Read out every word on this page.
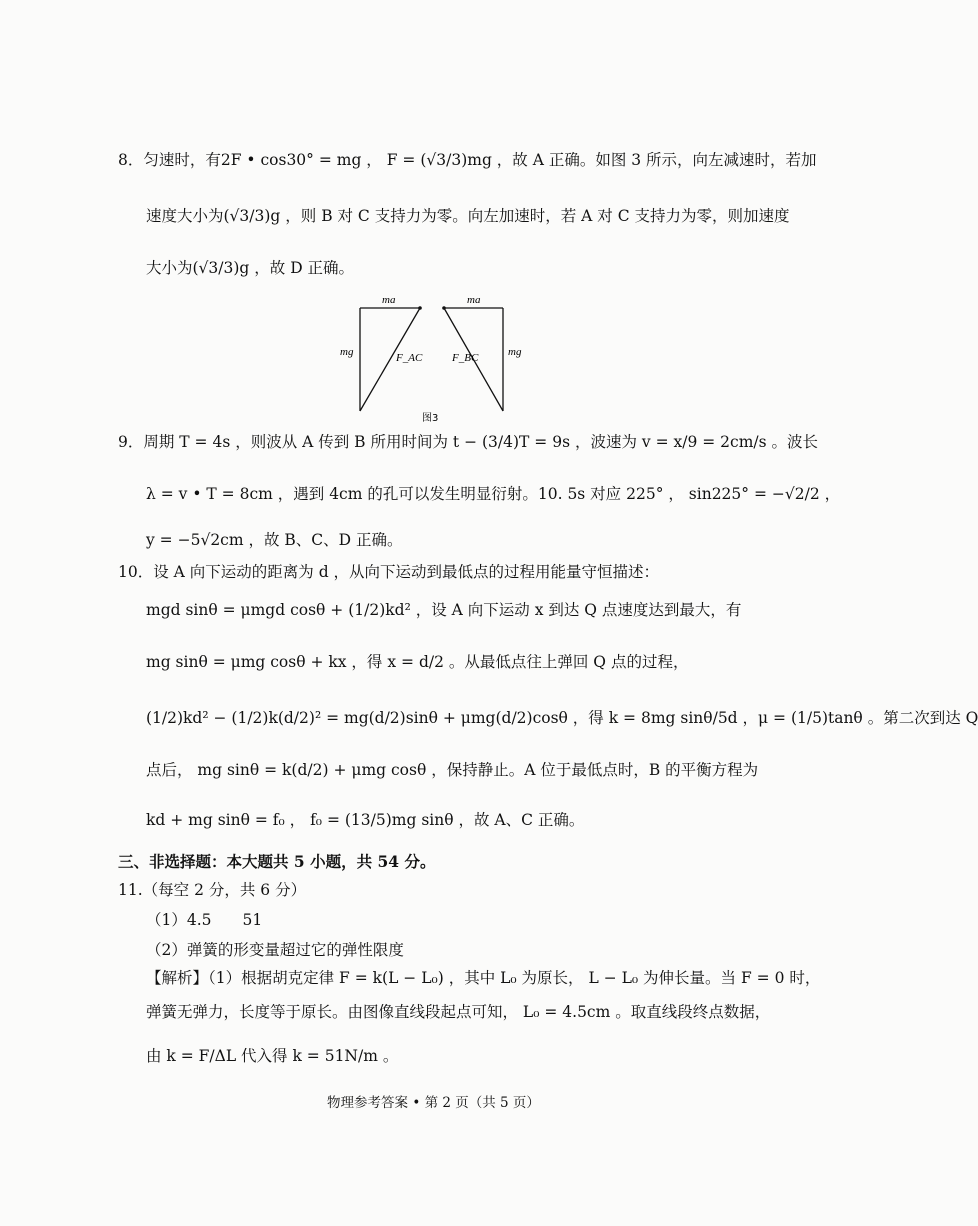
8．匀速时，有2F • cos30° = mg ， F = (√3/3)mg ，故 A 正确。如图 3 所示，向左减速时，若加
速度大小为(√3/3)g ，则 B 对 C 支持力为零。向左加速时，若 A 对 C 支持力为零，则加速度
大小为(√3/3)g ，故 D 正确。
ma
mg	F_AC
ma
mg
F_BC
图3
9．周期 T = 4s ，则波从 A 传到 B 所用时间为 t − (3/4)T = 9s ，波速为 v = x/9 = 2cm/s 。波长
λ = v • T = 8cm ，遇到 4cm 的孔可以发生明显衍射。10. 5s 对应 225° ， sin225° = −√2/2 ，
y = −5√2cm ，故 B、C、D 正确。
10．设 A 向下运动的距离为 d ，从向下运动到最低点的过程用能量守恒描述：
mgd sinθ = μmgd cosθ + (1/2)kd² ，设 A 向下运动 x 到达 Q 点速度达到最大，有
mg sinθ = μmg cosθ + kx ，得 x = d/2 。从最低点往上弹回 Q 点的过程，
(1/2)kd² − (1/2)k(d/2)² = mg(d/2)sinθ + μmg(d/2)cosθ ，得 k = 8mg sinθ/5d ，μ = (1/5)tanθ 。第二次到达 Q
点后， mg sinθ = k(d/2) + μmg cosθ ，保持静止。A 位于最低点时，B 的平衡方程为
kd + mg sinθ = f₀ ， f₀ = (13/5)mg sinθ ，故 A、C 正确。
三、非选择题：本大题共 5 小题，共 54 分。
11.（每空 2 分，共 6 分）
（1）4.5　　51
（2）弹簧的形变量超过它的弹性限度
【解析】（1）根据胡克定律 F = k(L − L₀) ，其中 L₀ 为原长， L − L₀ 为伸长量。当 F = 0 时，
弹簧无弹力，长度等于原长。由图像直线段起点可知， L₀ = 4.5cm 。取直线段终点数据，
由 k = F/ΔL 代入得 k = 51N/m 。
物理参考答案 • 第 2 页（共 5 页）
